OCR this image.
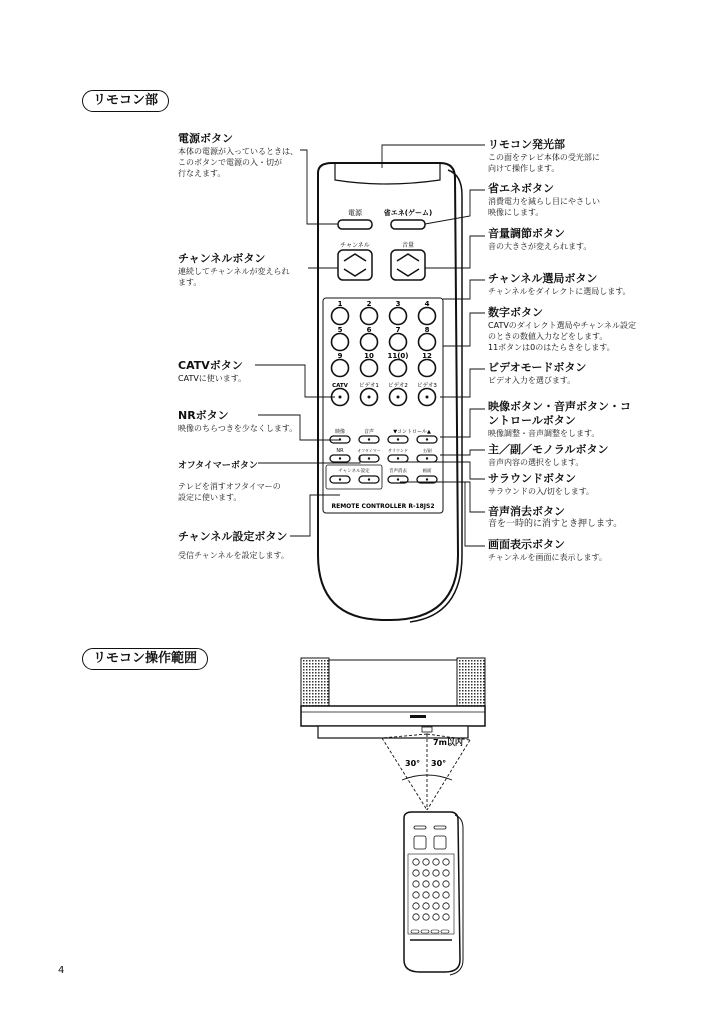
リモコン部
リモコン操作範囲
電源ボタン
本体の電源が入っているときは、
このボタンで電源の入・切が
行なえます。
チャンネルボタン
連続してチャンネルが変えられ
ます。
CATVボタン
CATVに使います。
NRボタン
映像のちらつきを少なくします。
オフタイマーボタン
テレビを消すオフタイマーの
設定に使います。
チャンネル設定ボタン
受信チャンネルを設定します。
リモコン発光部
この面をテレビ本体の受光部に
向けて操作します。
省エネボタン
消費電力を減らし目にやさしい
映像にします。
音量調節ボタン
音の大きさが変えられます。
チャンネル選局ボタン
チャンネルをダイレクトに選局します。
数字ボタン
CATVのダイレクト選局やチャンネル設定
のときの数値入力などをします。
11ボタンは0のはたらきをします。
ビデオモードボタン
ビデオ入力を選びます。
映像ボタン・音声ボタン・コ
ントロールボタン
映像調整・音声調整をします。
主／副／モノラルボタン
音声内容の選択をします。
サラウンドボタン
サラウンドの入/切をします。
音声消去ボタン
音を一時的に消すとき押します。
画面表示ボタン
チャンネルを画面に表示します。
電源	省エネ(ゲーム)
チャンネル	音量
1	2	3	4
5	6	7	8
9	10 11(0) 12
CATV ビデオ1 ビデオ2 ビデオ3
映像	音声	▼コントロール▲
NR	オフタイマー サラウンド	主/副
チャンネル設定	音声消去	画面
REMOTE CONTROLLER R-18JS2
7m以内
30° 30°
4
